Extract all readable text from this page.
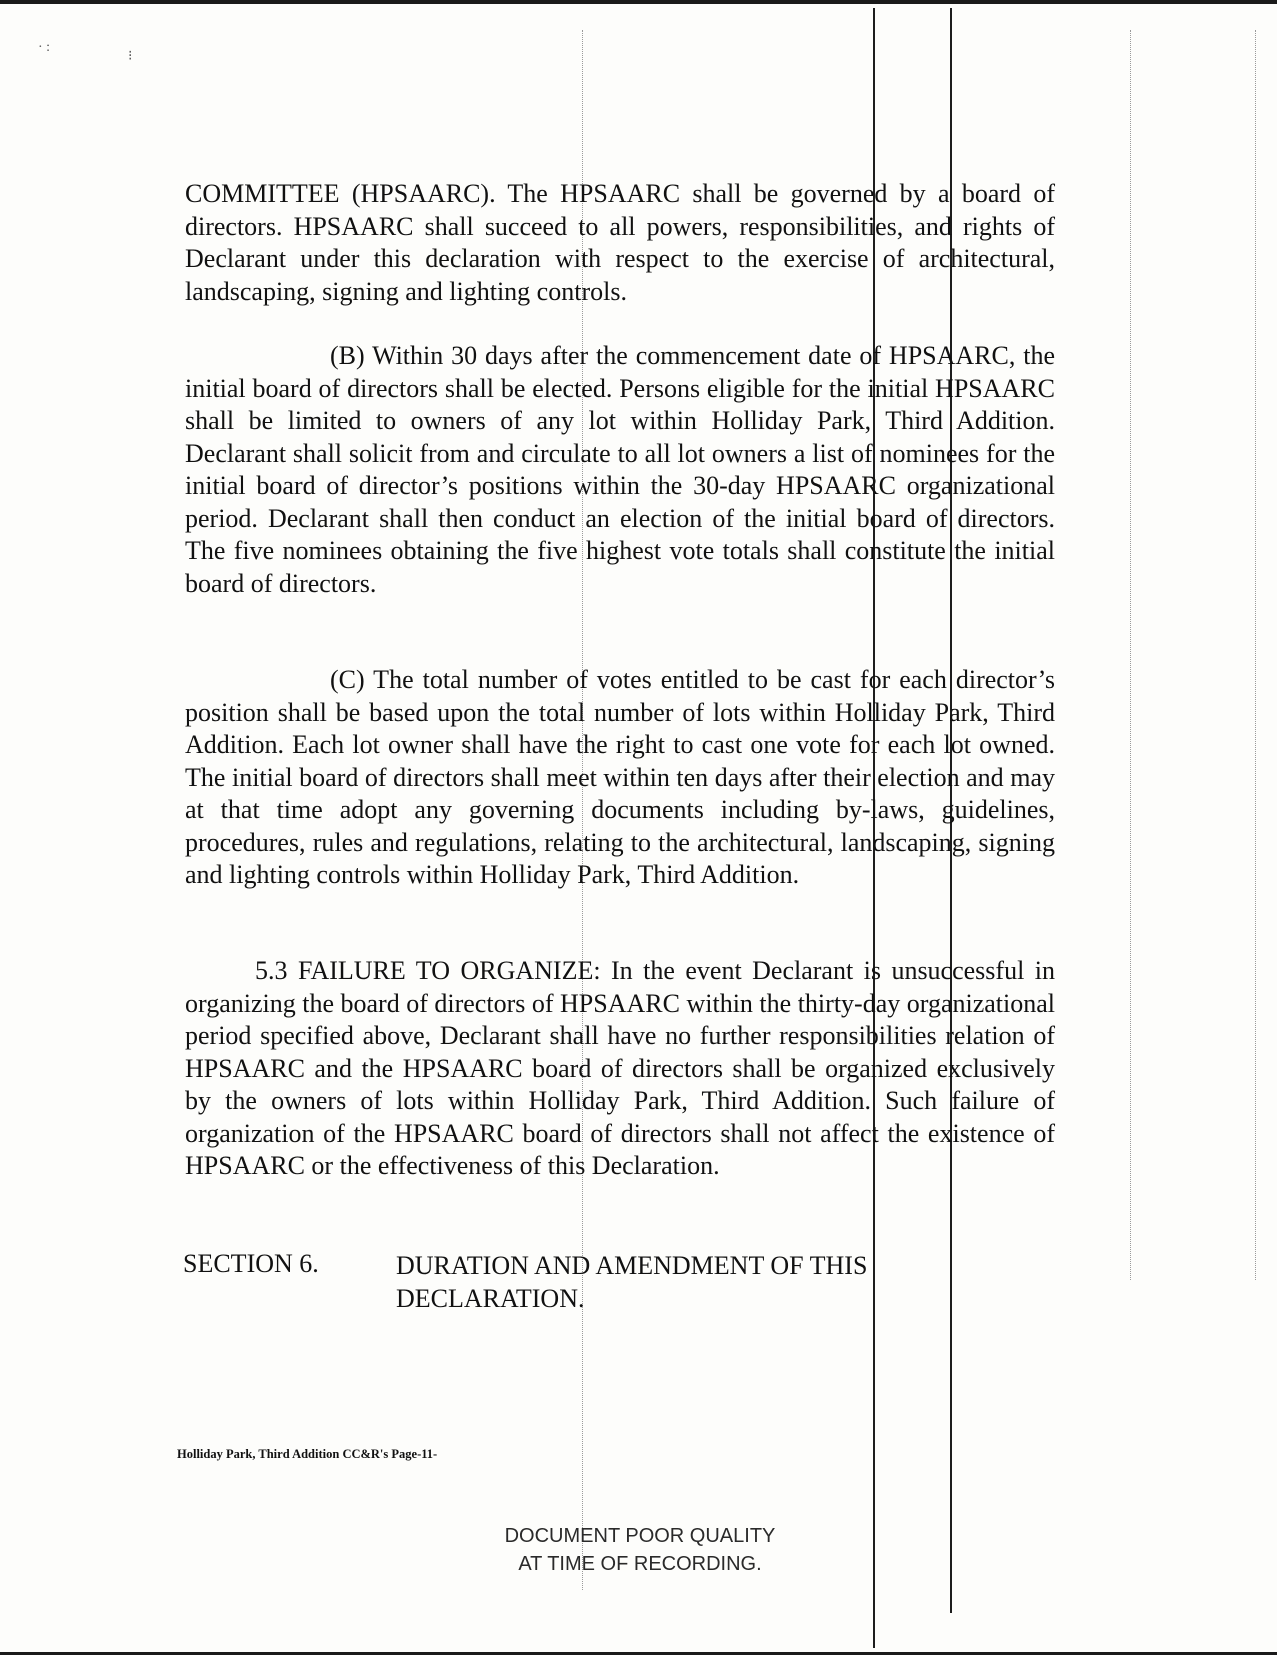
· :
⁝

COMMITTEE (HPSAARC). The HPSAARC shall be governed by a board of directors. HPSAARC shall succeed to all powers, responsibilities, and rights of Declarant under this declaration with respect to the exercise of architectural, landscaping, signing and lighting controls.

(B) Within 30 days after the commencement date of HPSAARC, the initial board of directors shall be elected. Persons eligible for the initial HPSAARC shall be limited to owners of any lot within Holliday Park, Third Addition. Declarant shall solicit from and circulate to all lot owners a list of nominees for the initial board of director’s positions within the 30-day HPSAARC organizational period. Declarant shall then conduct an election of the initial board of directors. The five nominees obtaining the five highest vote totals shall constitute the initial board of directors.

(C) The total number of votes entitled to be cast for each director’s position shall be based upon the total number of lots within Holliday Park, Third Addition. Each lot owner shall have the right to cast one vote for each lot owned. The initial board of directors shall meet within ten days after their election and may at that time adopt any governing documents including by-laws, guidelines, procedures, rules and regulations, relating to the architectural, landscaping, signing and lighting controls within Holliday Park, Third Addition.

5.3 FAILURE TO ORGANIZE: In the event Declarant is unsuccessful in organizing the board of directors of HPSAARC within the thirty-day organizational period specified above, Declarant shall have no further responsibilities relation of HPSAARC and the HPSAARC board of directors shall be organized exclusively by the owners of lots within Holliday Park, Third Addition. Such failure of organization of the HPSAARC board of directors shall not affect the existence of HPSAARC or the effectiveness of this Declaration.

SECTION 6.	DURATION AND AMENDMENT OF THIS
DECLARATION.
Holliday Park, Third Addition CC&R's Page-11-
DOCUMENT POOR QUALITY
AT TIME OF RECORDING.
